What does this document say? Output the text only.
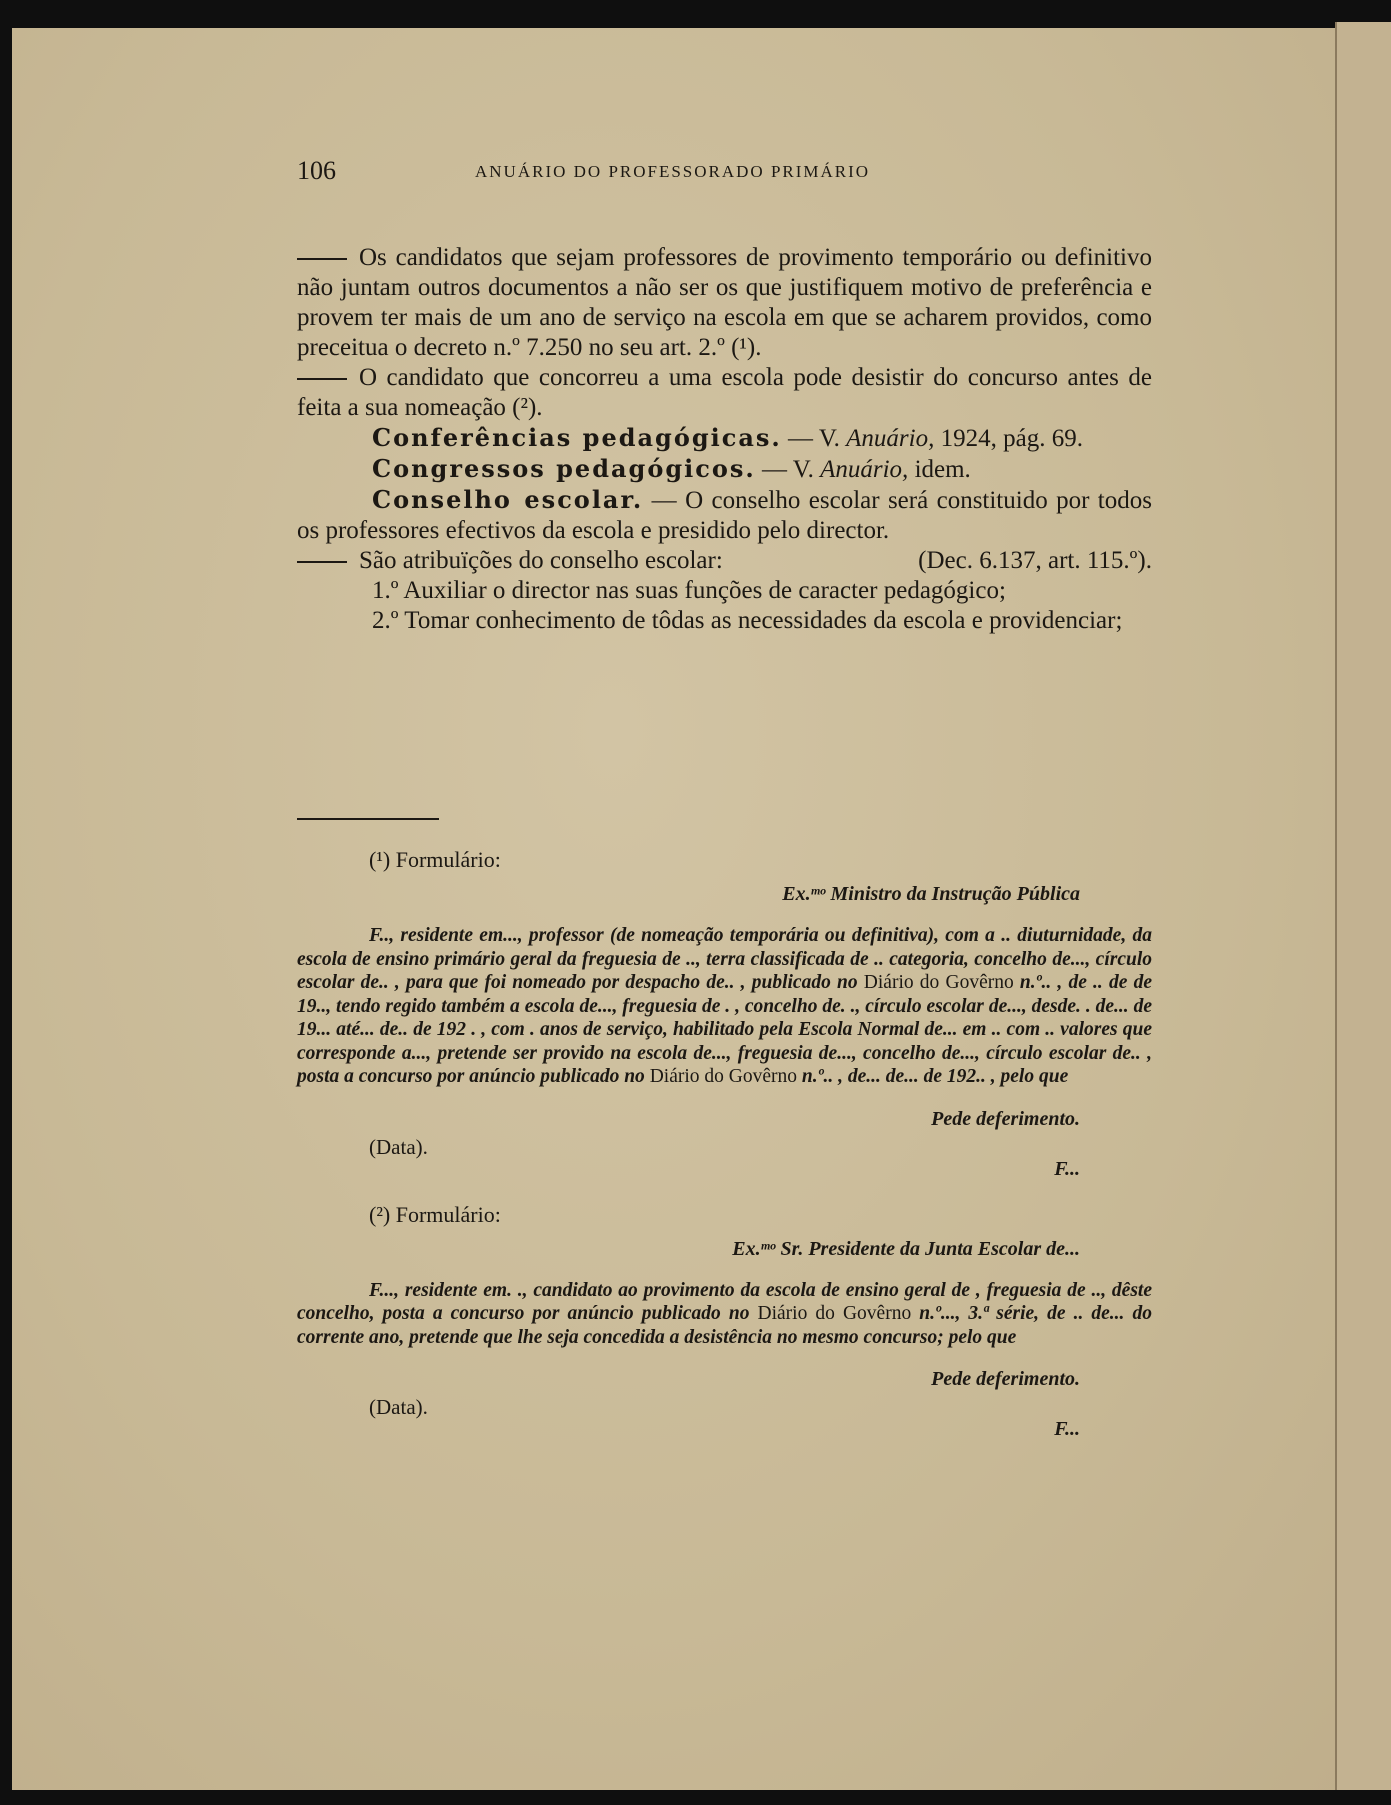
106	ANUÁRIO DO PROFESSORADO PRIMÁRIO

Os candidatos que sejam professores de provimento temporário ou definitivo não juntam outros documentos a não ser os que justifiquem motivo de preferência e provem ter mais de um ano de serviço na escola em que se acharem providos, como preceitua o decreto n.º 7.250 no seu art. 2.º (¹).

O candidato que concorreu a uma escola pode desistir do concurso antes de feita a sua nomeação (²).

Conferências pedagógicas. — V. Anuário, 1924, pág. 69.

Congressos pedagógicos. — V. Anuário, idem.

Conselho escolar. — O conselho escolar será constituido por todos os professores efectivos da escola e presidido pelo director.
(Dec. 6.137, art. 115.º).

São atribuïções do conselho escolar:

1.º Auxiliar o director nas suas funções de caracter pedagógico;

2.º Tomar conhecimento de tôdas as necessidades da escola e providenciar;

(¹) Formulário:
Ex.ᵐᵒ Ministro da Instrução Pública
F.., residente em..., professor (de nomeação temporária ou definitiva), com a .. diuturnidade, da escola de ensino primário geral da freguesia de .., terra classificada de .. categoria, concelho de..., círculo escolar de.. , para que foi nomeado por despacho de.. , publicado no Diário do Govêrno n.º.. , de .. de de 19.., tendo regido também a escola de..., freguesia de . , concelho de. ., círculo escolar de..., desde. . de... de 19... até... de.. de 192 . , com . anos de serviço, habilitado pela Escola Normal de... em .. com .. valores que corresponde a..., pretende ser provido na escola de..., freguesia de..., concelho de..., círculo escolar de.. , posta a concurso por anúncio publicado no Diário do Govêrno n.º.. , de... de... de 192.. , pelo que
Pede deferimento.
(Data).
F...
(²) Formulário:
Ex.ᵐᵒ Sr. Presidente da Junta Escolar de...
F..., residente em. ., candidato ao provimento da escola de ensino geral de , freguesia de .., dêste concelho, posta a concurso por anúncio publicado no Diário do Govêrno n.º..., 3.ª série, de .. de... do corrente ano, pretende que lhe seja concedida a desistência no mesmo concurso; pelo que
Pede deferimento.
(Data).
F...
